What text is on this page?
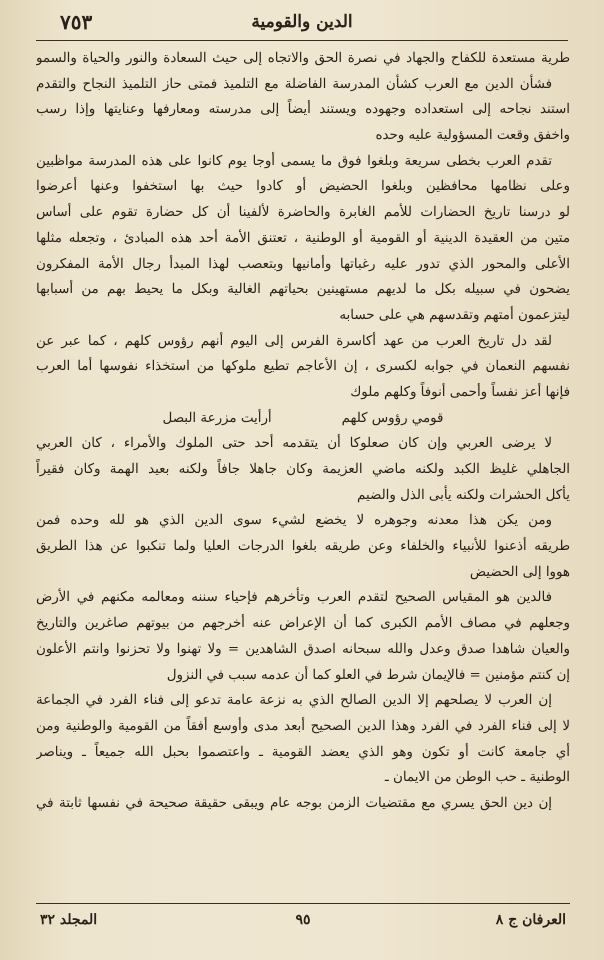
٧٥٣	الدين والقومية
طرية مستعدة للكفاح والجهاد في نصرة الحق والاتجاه إلى حيث السعادة والنور والحياة والسمو
فشأن الدين مع العرب كشأن المدرسة الفاضلة مع التلميذ فمتى حاز التلميذ النجاح والتقدم
استند نجاحه إلى استعداده وجهوده ويستند أيضاً إلى مدرسته ومعارفها وعنايتها وإذا رسب
واخفق وقعت المسؤولية عليه وحده
تقدم العرب بخطى سريعة وبلغوا فوق ما يسمى أوجا يوم كانوا على هذه المدرسة مواظبين
وعلى نظامها محافظين وبلغوا الحضيض أو كادوا حيث بها استخفوا وعنها أعرضوا
لو درسنا تاريخ الحضارات للأمم الغابرة والحاضرة لألفينا أن كل حضارة تقوم على أساس
متين من العقيدة الدينية أو القومية أو الوطنية ، تعتنق الأمة أحد هذه المبادئ ، وتجعله مثلها
الأعلى والمحور الذي تدور عليه رغباتها وأمانيها وبتعصب لهذا المبدأ رجال الأمة المفكرون
يضحون في سبيله بكل ما لديهم مستهينين بحياتهم الغالية وبكل ما يحيط بهم من أسبابها
ليتزعمون أمتهم وتقدسهم هي على حسابه
لقد دل تاريخ العرب من عهد أكاسرة الفرس إلى اليوم أنهم رؤوس كلهم ، كما عبر عن
نفسهم النعمان في جوابه لكسرى ، إن الأعاجم تطيع ملوكها من استخذاء نفوسها أما العرب
فإنها أعز نفساً وأحمى أنوفاً وكلهم ملوك
قومي رؤوس كلهم
أرأيت مزرعة البصل
لا يرضى العربي وإن كان صعلوكا أن يتقدمه أحد حتى الملوك والأمراء ، كان العربي
الجاهلي غليظ الكبد ولكنه ماضي العزيمة وكان جاهلا جافاً ولكنه بعيد الهمة وكان فقيراً
يأكل الحشرات ولكنه يأبى الذل والضيم
ومن يكن هذا معدنه وجوهره لا يخضع لشيء سوى الدين الذي هو لله وحده فمن
طريقه أذعنوا للأنبياء والخلفاء وعن طريقه بلغوا الدرجات العليا ولما تنكبوا عن هذا الطريق
هووا إلى الحضيض
فالدين هو المقياس الصحيح لتقدم العرب وتأخرهم فإحياء سننه ومعالمه مكنهم في الأرض
وجعلهم في مصاف الأمم الكبرى كما أن الإعراض عنه أخرجهم من بيوتهم صاغرين والتاريخ
والعيان شاهدا صدق وعدل والله سبحانه اصدق الشاهدين = ولا تهنوا ولا تحزنوا وانتم الأعلون
إن كنتم مؤمنين = فالإيمان شرط في العلو كما أن عدمه سبب في النزول
إن العرب لا يصلحهم إلا الدين الصالح الذي به نزعة عامة تدعو إلى فناء الفرد في الجماعة
لا إلى فناء الفرد في الفرد وهذا الدين الصحيح أبعد مدى وأوسع أفقاً من القومية والوطنية ومن
أي جامعة كانت أو تكون وهو الذي يعضد القومية ـ واعتصموا بحبل الله جميعاً ـ ويناصر
الوطنية ـ حب الوطن من الايمان ـ
إن دين الحق يسري مع مقتضيات الزمن بوجه عام ويبقى حقيقة صحيحة في نفسها ثابتة في
العرفان ج ٨
٩٥
المجلد ٣٢
